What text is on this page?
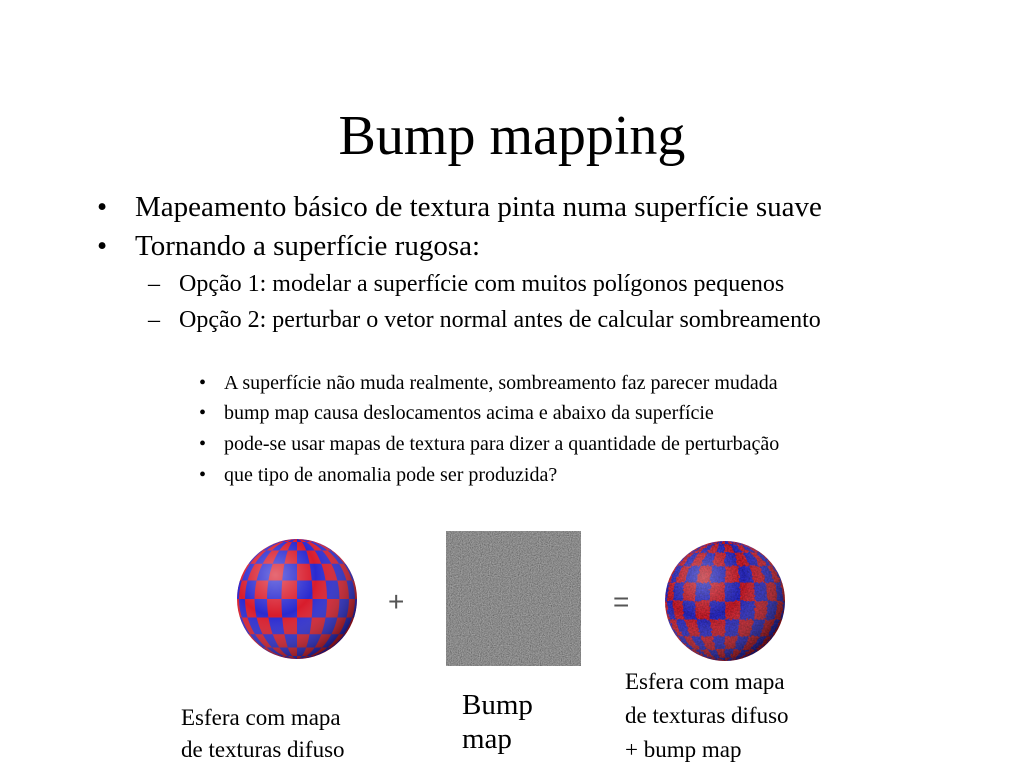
Bump mapping
• Mapeamento básico de textura pinta numa superfície suave
• Tornando a superfície rugosa:
– Opção 1: modelar a superfície com muitos polígonos pequenos
– Opção 2: perturbar o vetor normal antes de calcular sombreamento
• A superfície não muda realmente, sombreamento faz parecer mudada
• bump map causa deslocamentos acima e abaixo da superfície
• pode-se usar mapas de textura para dizer a quantidade de perturbação
• que tipo de anomalia pode ser produzida?
+	=
Esfera com mapa
de texturas difuso
Bump
map
Esfera com mapa
de texturas difuso
+ bump map
